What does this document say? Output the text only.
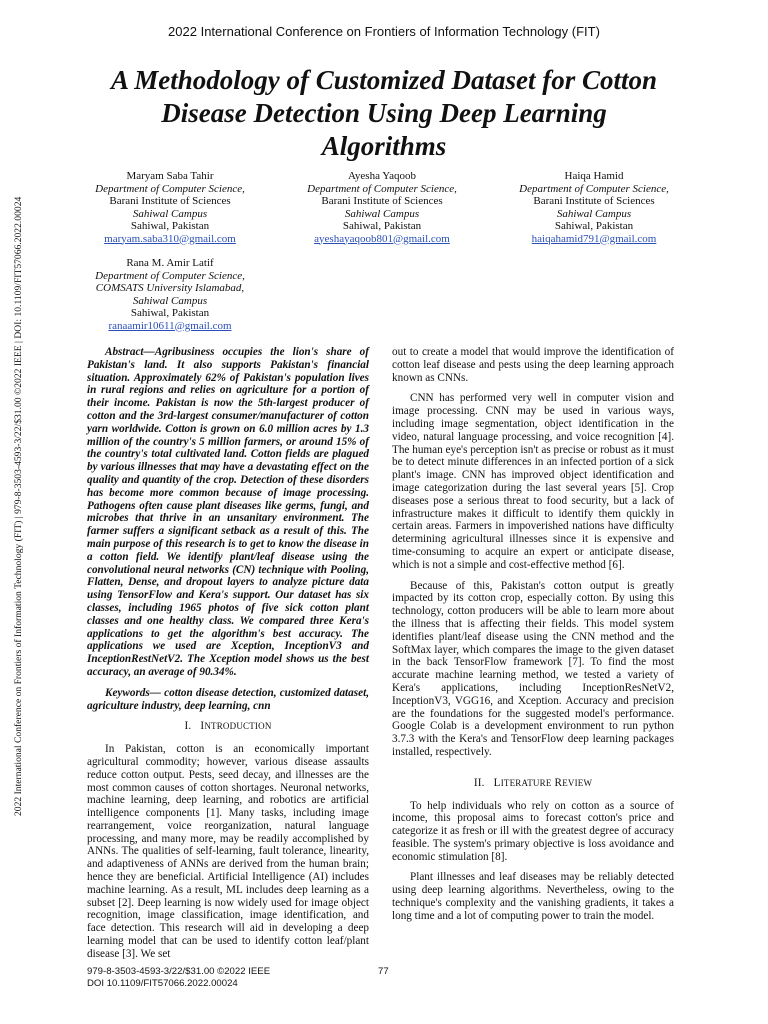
2022 International Conference on Frontiers of Information Technology (FIT)
A Methodology of Customized Dataset for Cotton
Disease Detection Using Deep Learning
Algorithms
2022 International Conference on Frontiers of Information Technology (FIT) | 979-8-3503-4593-3/22/$31.00 ©2022 IEEE | DOI: 10.1109/FIT57066.2022.00024
Maryam Saba Tahir
Department of Computer Science,
Barani Institute of Sciences
Sahiwal Campus
Sahiwal, Pakistan
maryam.saba310@gmail.com
Ayesha Yaqoob
Department of Computer Science,
Barani Institute of Sciences
Sahiwal Campus
Sahiwal, Pakistan
ayeshayaqoob801@gmail.com
Haiqa Hamid
Department of Computer Science,
Barani Institute of Sciences
Sahiwal Campus
Sahiwal, Pakistan
haiqahamid791@gmail.com
Rana M. Amir Latif
Department of Computer Science,
COMSATS University Islamabad,
Sahiwal Campus
Sahiwal, Pakistan
ranaamir10611@gmail.com

Abstract—Agribusiness occupies the lion's share of Pakistan's land. It also supports Pakistan's financial situation. Approximately 62% of Pakistan's population lives in rural regions and relies on agriculture for a portion of their income. Pakistan is now the 5th-largest producer of cotton and the 3rd-largest consumer/manufacturer of cotton yarn worldwide. Cotton is grown on 6.0 million acres by 1.3 million of the country's 5 million farmers, or around 15% of the country's total cultivated land. Cotton fields are plagued by various illnesses that may have a devastating effect on the quality and quantity of the crop. Detection of these disorders has become more common because of image processing. Pathogens often cause plant diseases like germs, fungi, and microbes that thrive in an unsanitary environment. The farmer suffers a significant setback as a result of this. The main purpose of this research is to get to know the disease in a cotton field. We identify plant/leaf disease using the convolutional neural networks (CN) technique with Pooling, Flatten, Dense, and dropout layers to analyze picture data using TensorFlow and Kera's support. Our dataset has six classes, including 1965 photos of five sick cotton plant classes and one healthy class. We compared three Kera's applications to get the algorithm's best accuracy. The applications we used are Xception, InceptionV3 and InceptionRestNetV2. The Xception model shows us the best accuracy, an average of 90.34%.

Keywords— cotton disease detection, customized dataset, agriculture industry, deep learning, cnn

I. INTRODUCTION

In Pakistan, cotton is an economically important agricultural commodity; however, various disease assaults reduce cotton output. Pests, seed decay, and illnesses are the most common causes of cotton shortages. Neuronal networks, machine learning, deep learning, and robotics are artificial intelligence components [1]. Many tasks, including image rearrangement, voice reorganization, natural language processing, and many more, may be readily accomplished by ANNs. The qualities of self-learning, fault tolerance, linearity, and adaptiveness of ANNs are derived from the human brain; hence they are beneficial. Artificial Intelligence (AI) includes machine learning. As a result, ML includes deep learning as a subset [2]. Deep learning is now widely used for image object recognition, image classification, image identification, and face detection. This research will aid in developing a deep learning model that can be used to identify cotton leaf/plant disease [3]. We set

out to create a model that would improve the identification of cotton leaf disease and pests using the deep learning approach known as CNNs.

CNN has performed very well in computer vision and image processing. CNN may be used in various ways, including image segmentation, object identification in the video, natural language processing, and voice recognition [4]. The human eye's perception isn't as precise or robust as it must be to detect minute differences in an infected portion of a sick plant's image. CNN has improved object identification and image categorization during the last several years [5]. Crop diseases pose a serious threat to food security, but a lack of infrastructure makes it difficult to identify them quickly in certain areas. Farmers in impoverished nations have difficulty determining agricultural illnesses since it is expensive and time-consuming to acquire an expert or anticipate disease, which is not a simple and cost-effective method [6].

Because of this, Pakistan's cotton output is greatly impacted by its cotton crop, especially cotton. By using this technology, cotton producers will be able to learn more about the illness that is affecting their fields. This model system identifies plant/leaf disease using the CNN method and the SoftMax layer, which compares the image to the given dataset in the back TensorFlow framework [7]. To find the most accurate machine learning method, we tested a variety of Kera's applications, including InceptionResNetV2, InceptionV3, VGG16, and Xception. Accuracy and precision are the foundations for the suggested model's performance. Google Colab is a development environment to run python 3.7.3 with the Kera's and TensorFlow deep learning packages installed, respectively.

II. LITERATURE REVIEW

To help individuals who rely on cotton as a source of income, this proposal aims to forecast cotton's price and categorize it as fresh or ill with the greatest degree of accuracy feasible. The system's primary objective is loss avoidance and economic stimulation [8].

Plant illnesses and leaf diseases may be reliably detected using deep learning algorithms. Nevertheless, owing to the technique's complexity and the vanishing gradients, it takes a long time and a lot of computing power to train the model.

979-8-3503-4593-3/22/$31.00 ©2022 IEEE
DOI 10.1109/FIT57066.2022.00024
77
